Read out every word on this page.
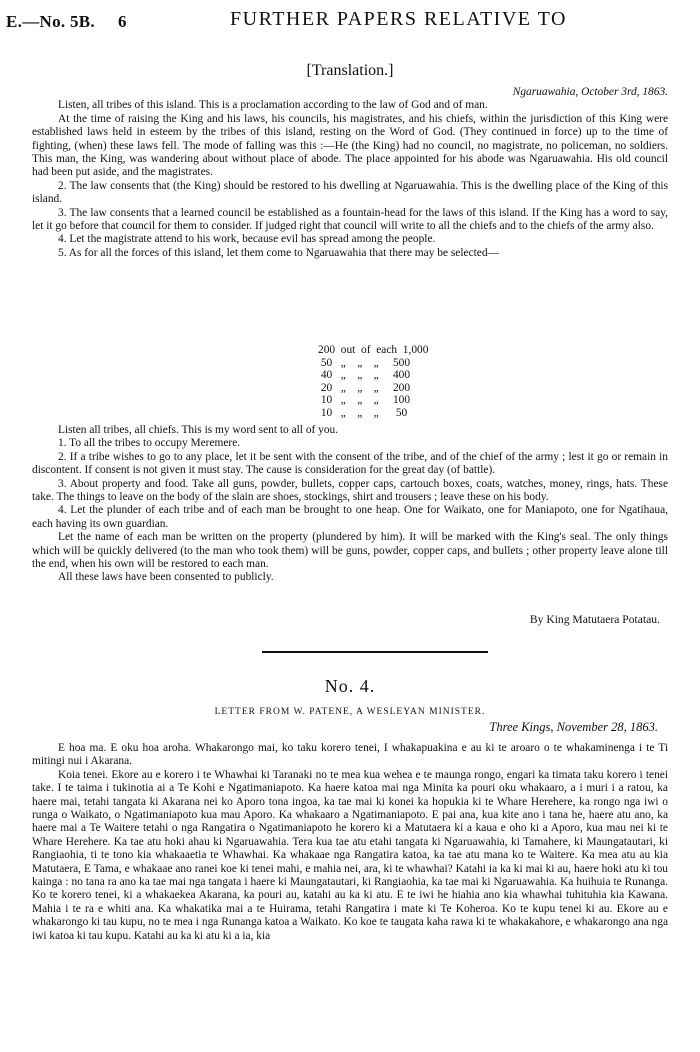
E.—No. 5B. 6	FURTHER PAPERS RELATIVE TO
[Translation.]

Ngaruawahia, October 3rd, 1863.

Listen, all tribes of this island. This is a proclamation according to the law of God and of man.

At the time of raising the King and his laws, his councils, his magistrates, and his chiefs, within the jurisdiction of this King were established laws held in esteem by the tribes of this island, resting on the Word of God. (They continued in force) up to the time of fighting, (when) these laws fell. The mode of falling was this :—He (the King) had no council, no magistrate, no policeman, no soldiers. This man, the King, was wandering about without place of abode. The place appointed for his abode was Ngaruawahia. His old council had been put aside, and the magistrates.

2. The law consents that (the King) should be restored to his dwelling at Ngaruawahia. This is the dwelling place of the King of this island.

3. The law consents that a learned council be established as a fountain-head for the laws of this island. If the King has a word to say, let it go before that council for them to consider. If judged right that council will write to all the chiefs and to the chiefs of the army also.

4. Let the magistrate attend to his work, because evil has spread among the people.

5. As for all the forces of this island, let them come to Ngaruawahia that there may be selected—

200  out  of  each  1,000
50   „    „    „     500
40   „    „    „     400
20   „    „    „     200
10   „    „    „     100
10   „    „    „      50

Listen all tribes, all chiefs. This is my word sent to all of you.

1. To all the tribes to occupy Meremere.

2. If a tribe wishes to go to any place, let it be sent with the consent of the tribe, and of the chief of the army ; lest it go or remain in discontent. If consent is not given it must stay. The cause is consideration for the great day (of battle).

3. About property and food. Take all guns, powder, bullets, copper caps, cartouch boxes, coats, watches, money, rings, hats. These take. The things to leave on the body of the slain are shoes, stockings, shirt and trousers ; leave these on his body.

4. Let the plunder of each tribe and of each man be brought to one heap. One for Waikato, one for Maniapoto, one for Ngatihaua, each having its own guardian.

Let the name of each man be written on the property (plundered by him). It will be marked with the King's seal. The only things which will be quickly delivered (to the man who took them) will be guns, powder, copper caps, and bullets ; other property leave alone till the end, when his own will be restored to each man.

All these laws have been consented to publicly.

By King Matutaera Potatau.
No. 4.
LETTER FROM W. PATENE, A WESLEYAN MINISTER.
Three Kings, November 28, 1863.

E hoa ma. E oku hoa aroha. Whakarongo mai, ko taku korero tenei, I whakapuakina e au ki te aroaro o te whakaminenga i te Ti mitingi nui i Akarana.

Koia tenei. Ekore au e korero i te Whawhai ki Taranaki no te mea kua wehea e te maunga rongo, engari ka timata taku korero i tenei take. I te taima i tukinotia ai a Te Kohi e Ngatimaniapoto. Ka haere katoa mai nga Minita ka pouri oku whakaaro, a i muri i a ratou, ka haere mai, tetahi tangata ki Akarana nei ko Aporo tona ingoa, ka tae mai ki konei ka hopukia ki te Whare Herehere, ka rongo nga iwi o runga o Waikato, o Ngatimaniapoto kua mau Aporo. Ka whakaaro a Ngatimaniapoto. E pai ana, kua kite ano i tana he, haere atu ano, ka haere mai a Te Waitere tetahi o nga Rangatira o Ngatimaniapoto he korero ki a Matutaera ki a kaua e oho ki a Aporo, kua mau nei ki te Whare Herehere. Ka tae atu hoki ahau ki Ngaruawahia. Tera kua tae atu etahi tangata ki Ngaruawahia, ki Tamahere, ki Maungatautari, ki Rangiaohia, ti te tono kia whakaaetia te Whawhai. Ka whakaae nga Rangatira katoa, ka tae atu mana ko te Waitere. Ka mea atu au kia Matutaera, E Tama, e whakaae ano ranei koe ki tenei mahi, e mahia nei, ara, ki te whawhai? Katahi ia ka ki mai ki au, haere hoki atu ki tou kainga : no tana ra ano ka tae mai nga tangata i haere ki Maungatautari, ki Rangiaohia, ka tae mai ki Ngaruawahia. Ka huihuia te Runanga. Ko te korero tenei, ki a whakaekea Akarana, ka pouri au, katahi au ka ki atu. E te iwi he hiahia ano kia whawhai tuhituhia kia Kawana. Mahia i te ra e whiti ana. Ka whakatika mai a te Huirama, tetahi Rangatira i mate ki Te Koheroa. Ko te kupu tenei ki au. Ekore au e whakarongo ki tau kupu, no te mea i nga Runanga katoa a Waikato. Ko koe te taugata kaha rawa ki te whakakahore, e whakarongo ana nga iwi katoa ki tau kupu. Katahi au ka ki atu ki a ia, kia
